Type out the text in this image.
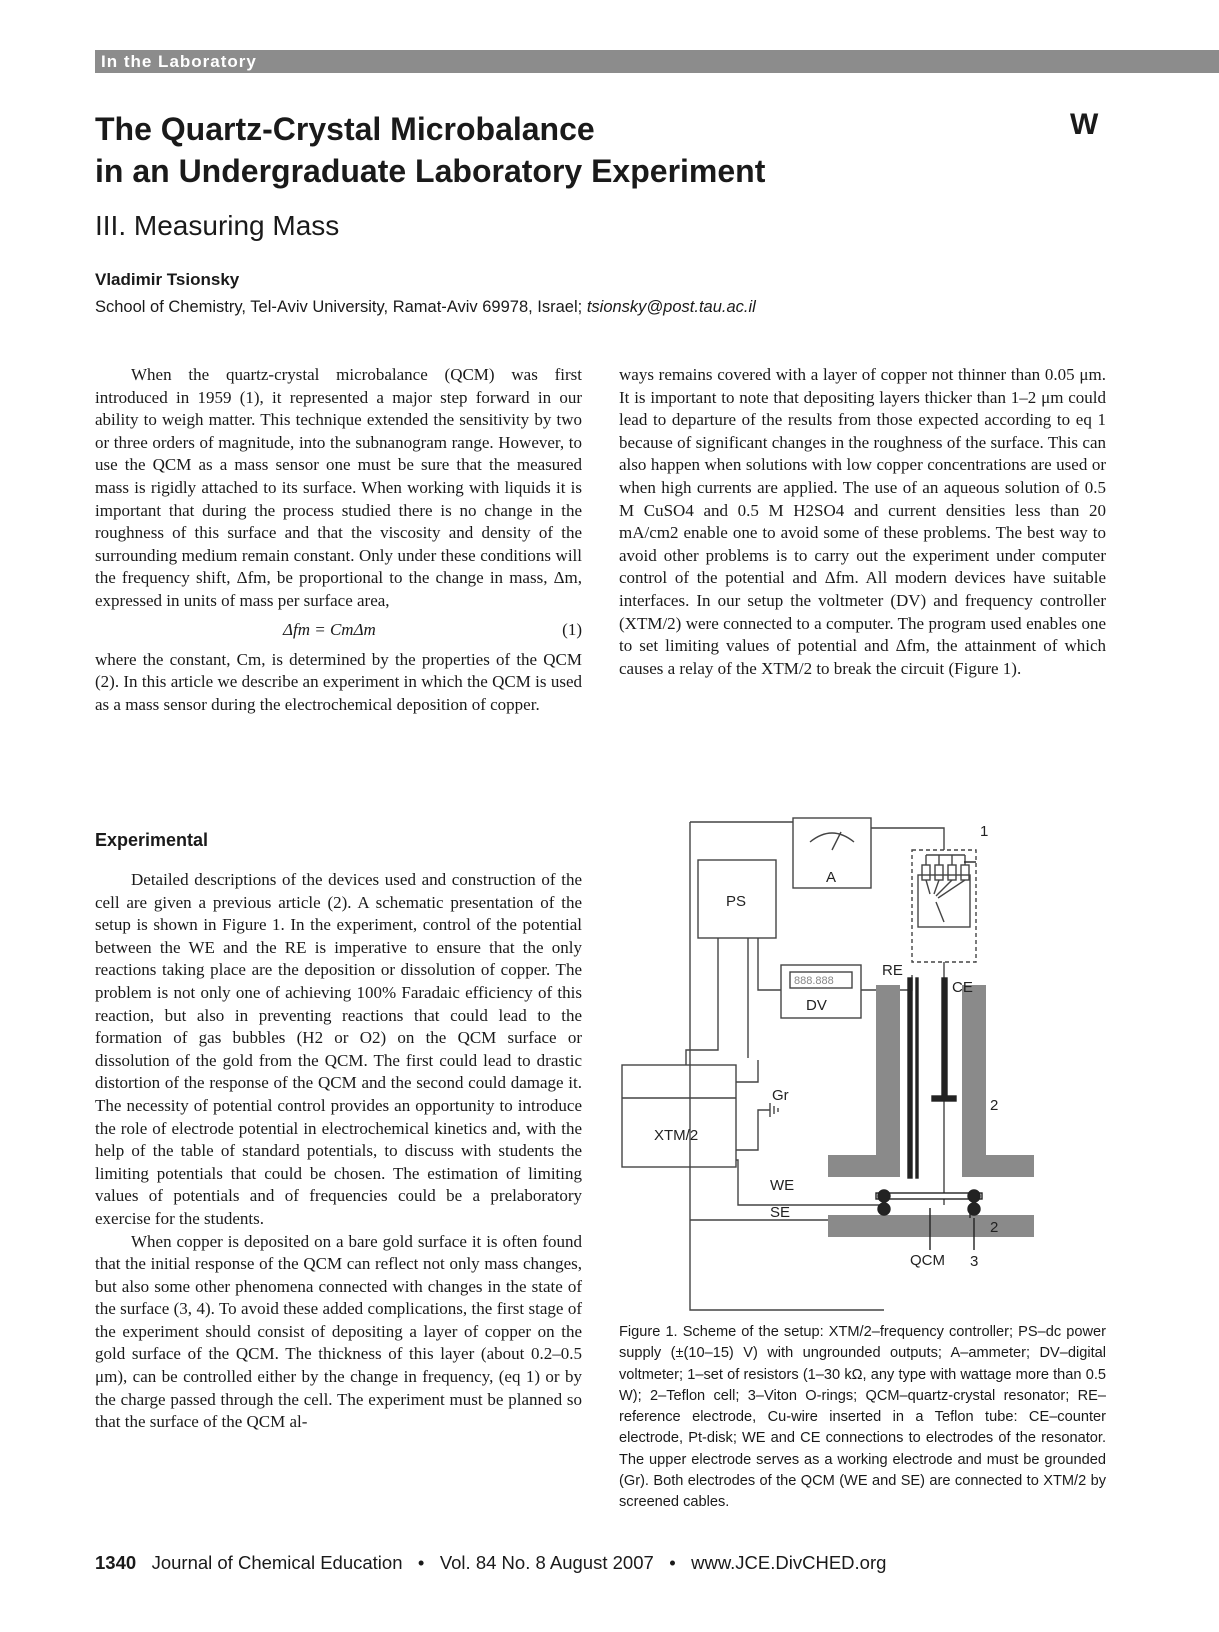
In the Laboratory
The Quartz-Crystal Microbalance
in an Undergraduate Laboratory Experiment
W
III. Measuring Mass
Vladimir Tsionsky
School of Chemistry, Tel-Aviv University, Ramat-Aviv 69978, Israel; tsionsky@post.tau.ac.il

When the quartz-crystal microbalance (QCM) was first introduced in 1959 (1), it represented a major step forward in our ability to weigh matter. This technique extended the sensitivity by two or three orders of magnitude, into the subnanogram range. However, to use the QCM as a mass sensor one must be sure that the measured mass is rigidly attached to its surface. When working with liquids it is important that during the process studied there is no change in the roughness of this surface and that the viscosity and density of the surrounding medium remain constant. Only under these conditions will the frequency shift, Δfm, be proportional to the change in mass, Δm, expressed in units of mass per surface area,

Δfm = CmΔm	(1)

where the constant, Cm, is determined by the properties of the QCM (2). In this article we describe an experiment in which the QCM is used as a mass sensor during the electrochemical deposition of copper.

Experimental

Detailed descriptions of the devices used and construction of the cell are given a previous article (2). A schematic presentation of the setup is shown in Figure 1. In the experiment, control of the potential between the WE and the RE is imperative to ensure that the only reactions taking place are the deposition or dissolution of copper. The problem is not only one of achieving 100% Faradaic efficiency of this reaction, but also in preventing reactions that could lead to the formation of gas bubbles (H2 or O2) on the QCM surface or dissolution of the gold from the QCM. The first could lead to drastic distortion of the response of the QCM and the second could damage it. The necessity of potential control provides an opportunity to introduce the role of electrode potential in electrochemical kinetics and, with the help of the table of standard potentials, to discuss with students the limiting potentials that could be chosen. The estimation of limiting values of potentials and of frequencies could be a prelaboratory exercise for the students.

When copper is deposited on a bare gold surface it is often found that the initial response of the QCM can reflect not only mass changes, but also some other phenomena connected with changes in the state of the surface (3, 4). To avoid these added complications, the first stage of the experiment should consist of depositing a layer of copper on the gold surface of the QCM. The thickness of this layer (about 0.2–0.5 μm), can be controlled either by the change in frequency, (eq 1) or by the charge passed through the cell. The experiment must be planned so that the surface of the QCM al-

ways remains covered with a layer of copper not thinner than 0.05 μm. It is important to note that depositing layers thicker than 1–2 μm could lead to departure of the results from those expected according to eq 1 because of significant changes in the roughness of the surface. This can also happen when solutions with low copper concentrations are used or when high currents are applied. The use of an aqueous solution of 0.5 M CuSO4 and 0.5 M H2SO4 and current densities less than 20 mA/cm2 enable one to avoid some of these problems. The best way to avoid other problems is to carry out the experiment under computer control of the potential and Δfm. All modern devices have suitable interfaces. In our setup the voltmeter (DV) and frequency controller (XTM/2) were connected to a computer. The program used enables one to set limiting values of potential and Δfm, the attainment of which causes a relay of the XTM/2 to break the circuit (Figure 1).

A
PS
888.888
DV
XTM/2
Gr
RE
CE
WE
SE
QCM 3
1
2
2
Figure 1. Scheme of the setup: XTM/2–frequency controller; PS–dc power supply (±(10–15) V) with ungrounded outputs; A–ammeter; DV–digital voltmeter; 1–set of resistors (1–30 kΩ, any type with wattage more than 0.5 W); 2–Teflon cell; 3–Viton O-rings; QCM–quartz-crystal resonator; RE–reference electrode, Cu-wire inserted in a Teflon tube: CE–counter electrode, Pt-disk; WE and CE connections to electrodes of the resonator. The upper electrode serves as a working electrode and must be grounded (Gr). Both electrodes of the QCM (WE and SE) are connected to XTM/2 by screened cables.
1340 Journal of Chemical Education • Vol. 84 No. 8 August 2007 • www.JCE.DivCHED.org
